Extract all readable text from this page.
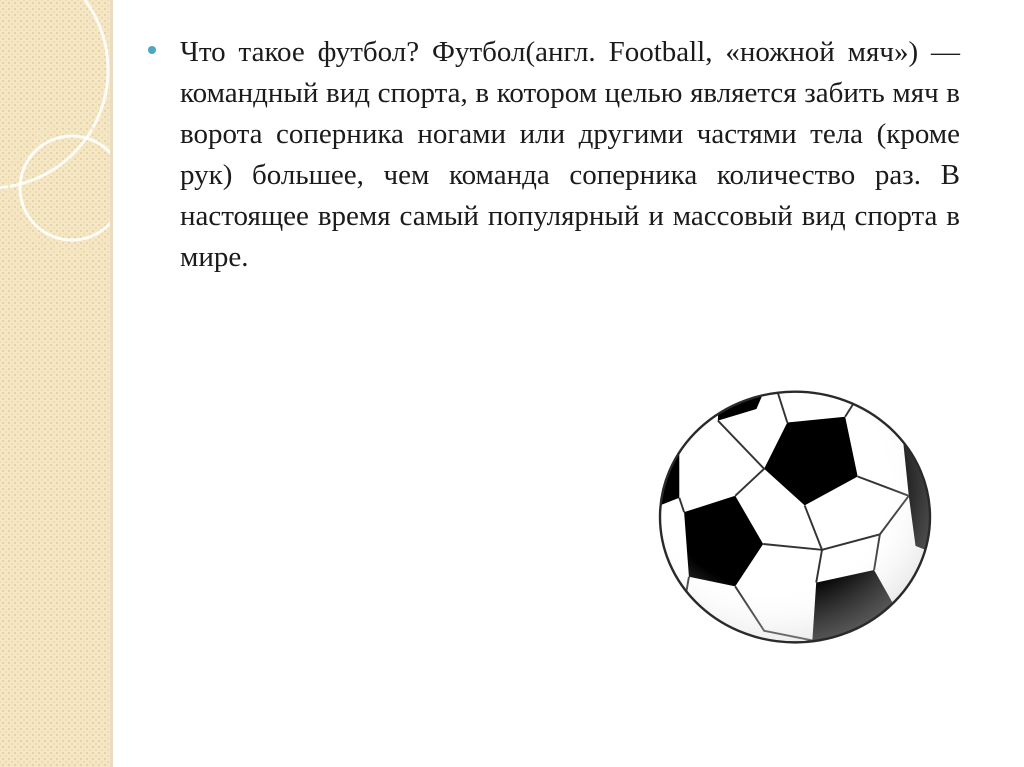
Что такое футбол? Футбол(англ. Football, «ножной мяч») — командный вид спорта, в котором целью является забить мяч в ворота соперника ногами или другими частями тела (кроме рук) большее, чем команда соперника количество раз. В настоящее время самый популярный и массовый вид спорта в мире.
